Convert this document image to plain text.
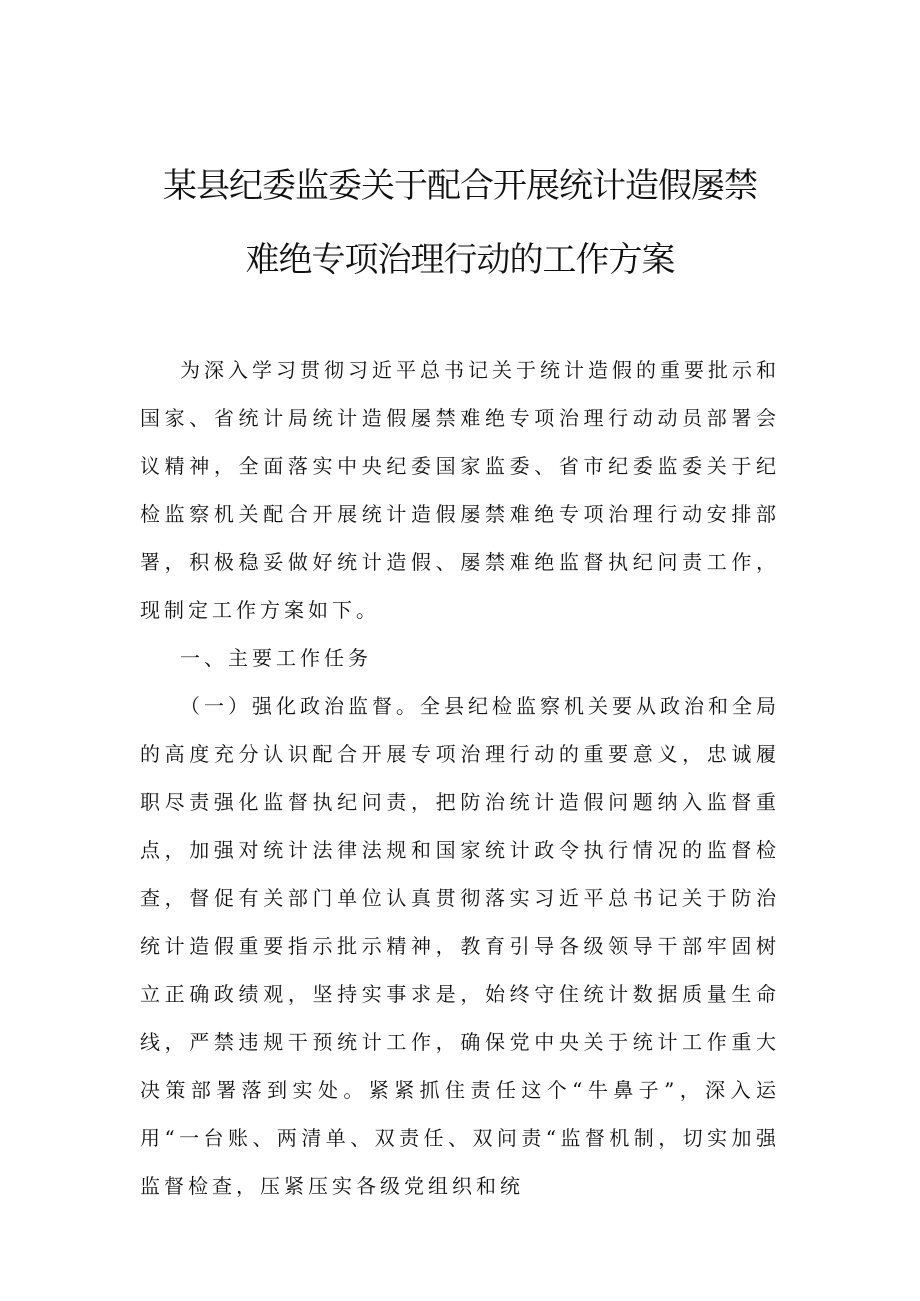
某县纪委监委关于配合开展统计造假屡禁
难绝专项治理行动的工作方案

为深入学习贯彻习近平总书记关于统计造假的重要批示和国家、省统计局统计造假屡禁难绝专项治理行动动员部署会议精神，全面落实中央纪委国家监委、省市纪委监委关于纪检监察机关配合开展统计造假屡禁难绝专项治理行动安排部署，积极稳妥做好统计造假、屡禁难绝监督执纪问责工作，现制定工作方案如下。

一、主要工作任务

（一）强化政治监督。全县纪检监察机关要从政治和全局的高度充分认识配合开展专项治理行动的重要意义，忠诚履职尽责强化监督执纪问责，把防治统计造假问题纳入监督重点，加强对统计法律法规和国家统计政令执行情况的监督检查，督促有关部门单位认真贯彻落实习近平总书记关于防治统计造假重要指示批示精神，教育引导各级领导干部牢固树立正确政绩观，坚持实事求是，始终守住统计数据质量生命线，严禁违规干预统计工作，确保党中央关于统计工作重大决策部署落到实处。紧紧抓住责任这个“牛鼻子”，深入运用“一台账、两清单、双责任、双问责“监督机制，切实加强监督检查，压紧压实各级党组织和统
